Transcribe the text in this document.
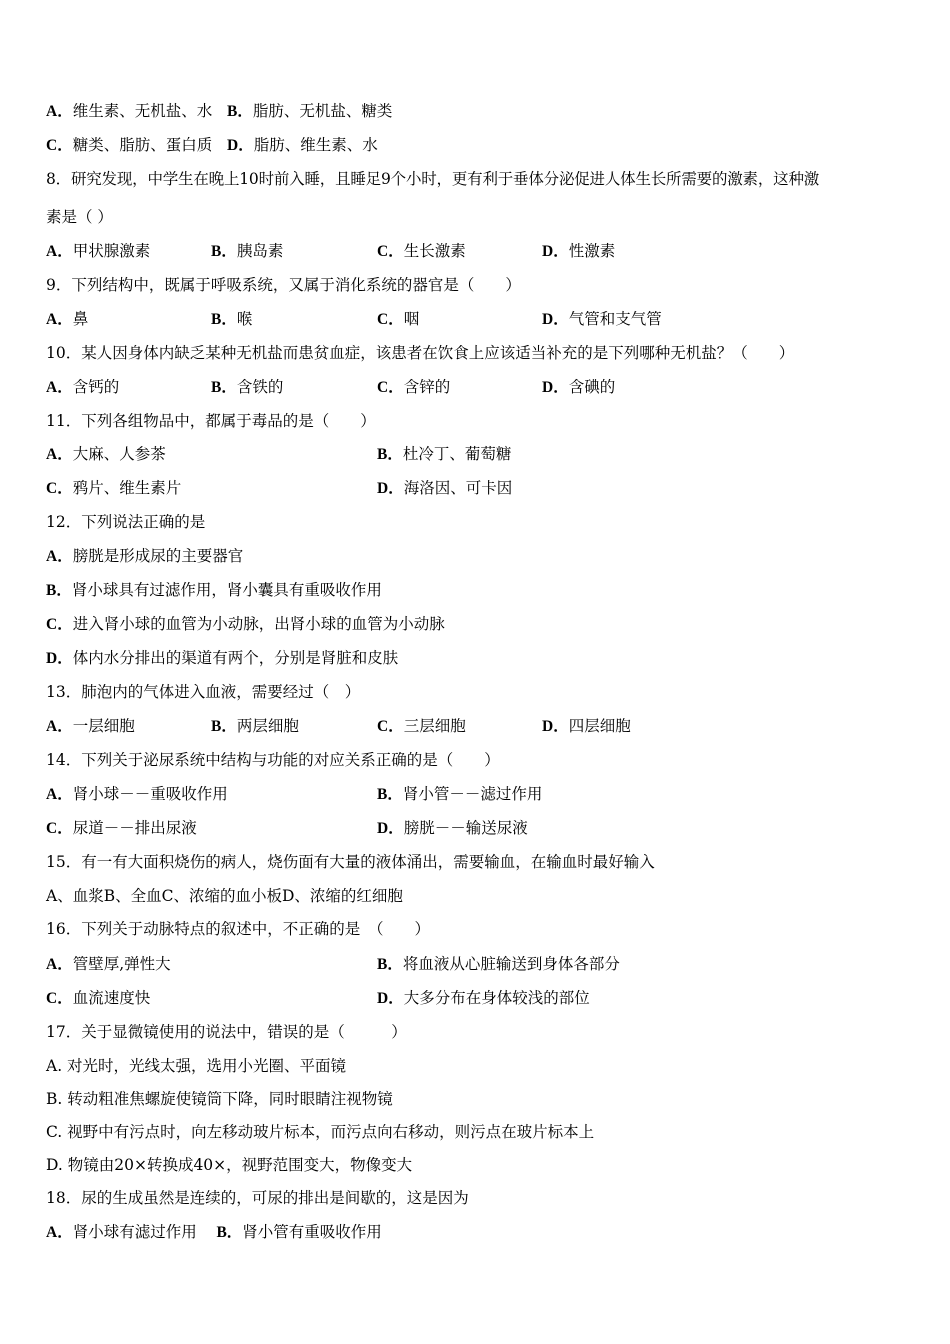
A．维生素、无机盐、水 B．脂肪、无机盐、糖类
C．糖类、脂肪、蛋白质 D．脂肪、维生素、水
8．研究发现，中学生在晚上10时前入睡，且睡足9个小时，更有利于垂体分泌促进人体生长所需要的激素，这种激
素是（ ）
A．甲状腺激素	B．胰岛素	C．生长激素	D．性激素
9．下列结构中，既属于呼吸系统，又属于消化系统的器官是（　　）
A．鼻	B．喉	C．咽	D．气管和支气管
10．某人因身体内缺乏某种无机盐而患贫血症，该患者在饮食上应该适当补充的是下列哪种无机盐？（　　）
A．含钙的	B．含铁的	C．含锌的	D．含碘的
11．下列各组物品中，都属于毒品的是（　　）
A．大麻、人参茶	B．杜冷丁、葡萄糖
C．鸦片、维生素片	D．海洛因、可卡因
12．下列说法正确的是
A．膀胱是形成尿的主要器官
B．肾小球具有过滤作用，肾小囊具有重吸收作用
C．进入肾小球的血管为小动脉，出肾小球的血管为小动脉
D．体内水分排出的渠道有两个，分别是肾脏和皮肤
13．肺泡内的气体进入血液，需要经过（　）
A．一层细胞	B．两层细胞	C．三层细胞	D．四层细胞
14．下列关于泌尿系统中结构与功能的对应关系正确的是（　　）
A．肾小球－－重吸收作用	B．肾小管－－滤过作用
C．尿道－－排出尿液	D．膀胱－－输送尿液
15．有一有大面积烧伤的病人，烧伤面有大量的液体涌出，需要输血，在输血时最好输入
A、血浆B、全血C、浓缩的血小板D、浓缩的红细胞
16．下列关于动脉特点的叙述中，不正确的是　（　　）
A．管壁厚,弹性大	B．将血液从心脏输送到身体各部分
C．血流速度快	D．大多分布在身体较浅的部位
17．关于显微镜使用的说法中，错误的是（　　　）
A. 对光时，光线太强，选用小光圈、平面镜
B. 转动粗准焦螺旋使镜筒下降，同时眼睛注视物镜
C. 视野中有污点时，向左移动玻片标本，而污点向右移动，则污点在玻片标本上
D. 物镜由20×转换成40×，视野范围变大，物像变大
18．尿的生成虽然是连续的，可尿的排出是间歇的，这是因为
A．肾小球有滤过作用 B．肾小管有重吸收作用
